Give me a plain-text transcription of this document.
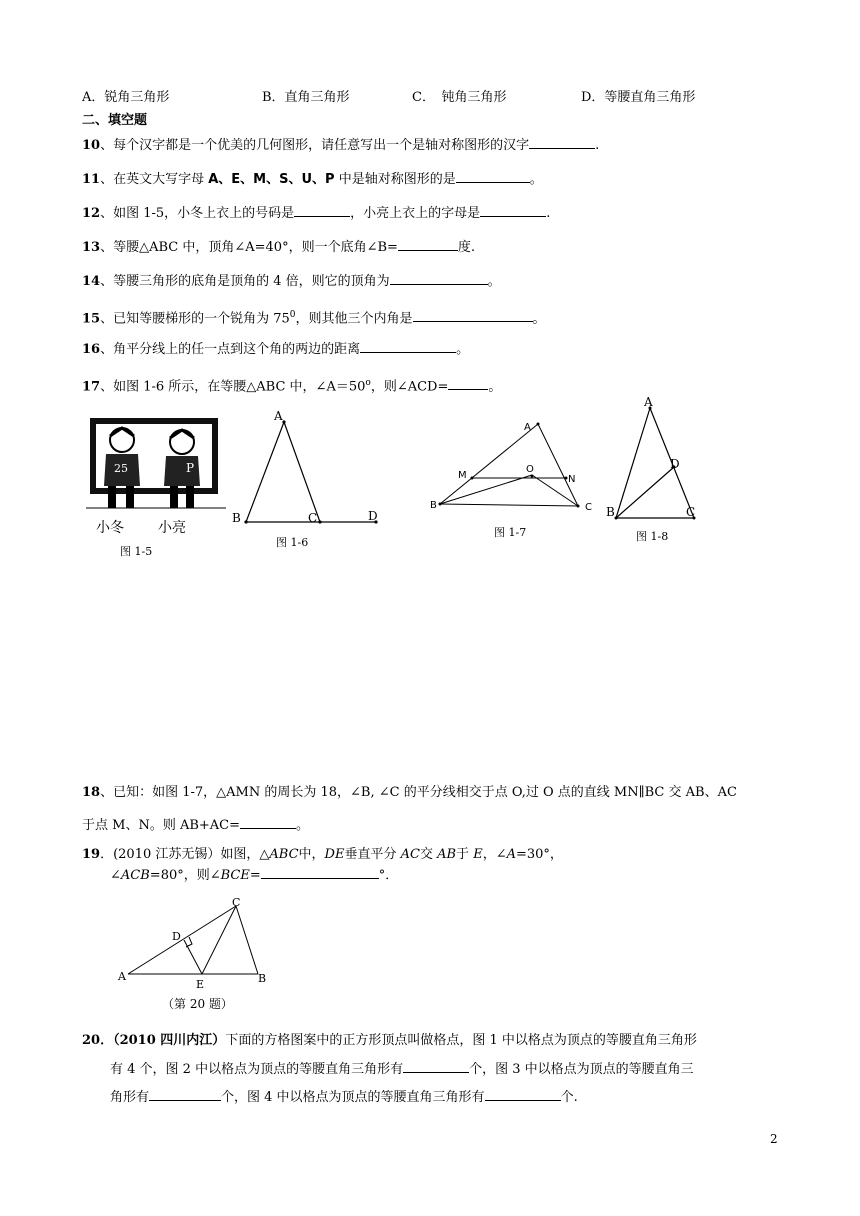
A．锐角三角形	B．直角三角形	C．　钝角三角形	D．等腰直角三角形
二、填空题
10、每个汉字都是一个优美的几何图形，请任意写出一个是轴对称图形的汉字	.
11、在英文大写字母 A、E、M、S、U、P 中是轴对称图形的是	。
12、如图 1-5，小冬上衣上的号码是	，小亮上衣上的字母是	.
13、等腰△ABC 中，顶角∠A=40°，则一个底角∠B=	度.
14、等腰三角形的底角是顶角的 4 倍，则它的顶角为	。
15、已知等腰梯形的一个锐角为 $75^0$，则其他三个内角是	。
16、角平分线上的任一点到这个角的两边的距离	。
17、如图 1-6 所示，在等腰△ABC 中，$\angle A=50^o$，则∠ACD=	。
25	P
小冬 小亮
图 1-5
A
B	C	D
图 1-6
A
M
O
N
B	C
图 1-7
A
D
B	C
图 1-8
18、已知：如图 1-7，△AMN 的周长为 18，∠B, ∠C 的平分线相交于点 O,过 O 点的直线 MN∥BC 交 AB、AC
于点 M、N。则 AB+AC=	。
19．(2010 江苏无锡）如图，△ABC中，DE垂直平分 AC交 AB于 E，∠A=30°，
∠ACB=80°，则∠BCE=	°．
C
D
A
E	B
（第 20 题）
20．（2010 四川内江）下面的方格图案中的正方形顶点叫做格点，图 1 中以格点为顶点的等腰直角三角形
有 4 个，图 2 中以格点为顶点的等腰直角三角形有	个，图 3 中以格点为顶点的等腰直角三
角形有	个，图 4 中以格点为顶点的等腰直角三角形有	个.
2
